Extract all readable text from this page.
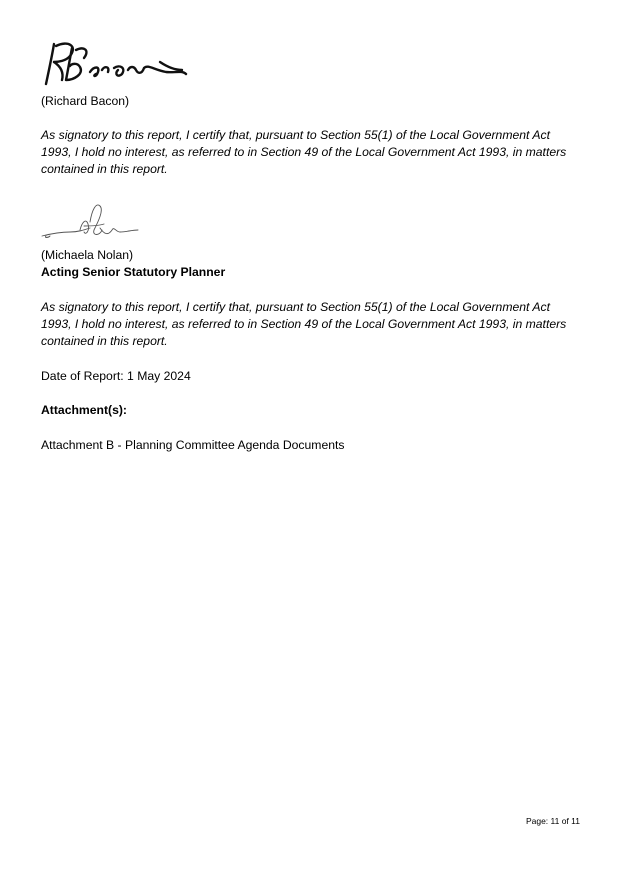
(Richard Bacon)
As signatory to this report, I certify that, pursuant to Section 55(1) of the Local Government Act 1993, I hold no interest, as referred to in Section 49 of the Local Government Act 1993, in matters contained in this report.
(Michaela Nolan)
Acting Senior Statutory Planner
As signatory to this report, I certify that, pursuant to Section 55(1) of the Local Government Act 1993, I hold no interest, as referred to in Section 49 of the Local Government Act 1993, in matters contained in this report.
Date of Report: 1 May 2024
Attachment(s):
Attachment B - Planning Committee Agenda Documents
Page: 11 of 11
